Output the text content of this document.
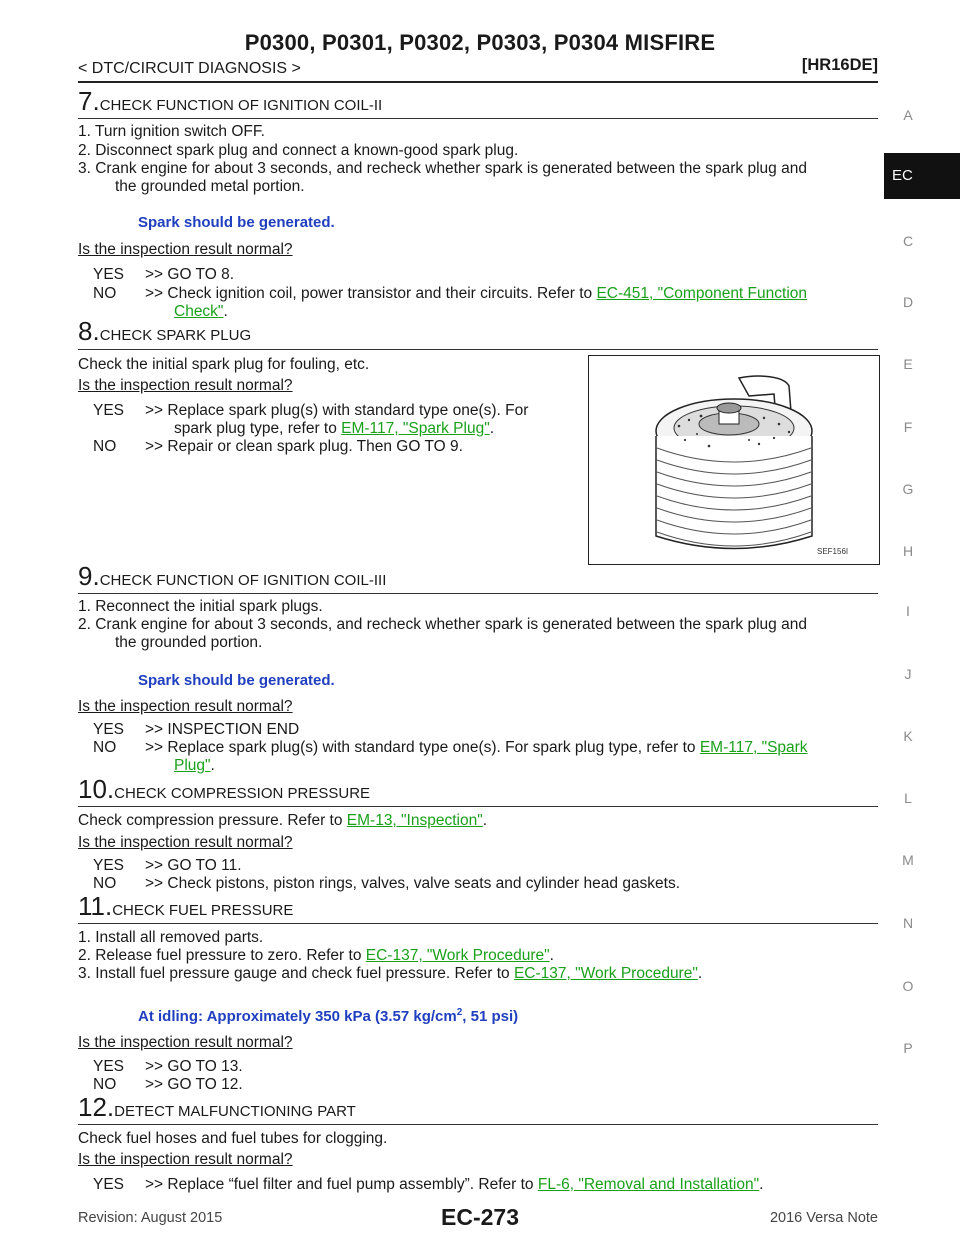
P0300, P0301, P0302, P0303, P0304 MISFIRE
< DTC/CIRCUIT DIAGNOSIS >	[HR16DE]
A
EC
C
D
E
F
G
H
I
J
K
L
M
N
O
P
7.CHECK FUNCTION OF IGNITION COIL-II
1. Turn ignition switch OFF.
2. Disconnect spark plug and connect a known-good spark plug.
3. Crank engine for about 3 seconds, and recheck whether spark is generated between the spark plug and
the grounded metal portion.
Spark should be generated.
Is the inspection result normal?
YES >> GO TO 8.
NO >> Check ignition coil, power transistor and their circuits. Refer to EC-451, "Component Function
Check".
8.CHECK SPARK PLUG
Check the initial spark plug for fouling, etc.
Is the inspection result normal?
YES >> Replace spark plug(s) with standard type one(s). For
spark plug type, refer to EM-117, "Spark Plug".
NO >> Repair or clean spark plug. Then GO TO 9.
SEF156I
9.CHECK FUNCTION OF IGNITION COIL-III
1. Reconnect the initial spark plugs.
2. Crank engine for about 3 seconds, and recheck whether spark is generated between the spark plug and
the grounded portion.
Spark should be generated.
Is the inspection result normal?
YES >> INSPECTION END
NO >> Replace spark plug(s) with standard type one(s). For spark plug type, refer to EM-117, "Spark
Plug".
10.CHECK COMPRESSION PRESSURE
Check compression pressure. Refer to EM-13, "Inspection".
Is the inspection result normal?
YES >> GO TO 11.
NO >> Check pistons, piston rings, valves, valve seats and cylinder head gaskets.
11.CHECK FUEL PRESSURE
1. Install all removed parts.
2. Release fuel pressure to zero. Refer to EC-137, "Work Procedure".
3. Install fuel pressure gauge and check fuel pressure. Refer to EC-137, "Work Procedure".
At idling: Approximately 350 kPa (3.57 $kg/cm^2$, 51 psi)
Is the inspection result normal?
YES >> GO TO 13.
NO >> GO TO 12.
12.DETECT MALFUNCTIONING PART
Check fuel hoses and fuel tubes for clogging.
Is the inspection result normal?
YES >> Replace “fuel filter and fuel pump assembly”. Refer to FL-6, "Removal and Installation".
Revision: August 2015	EC-273	2016 Versa Note
